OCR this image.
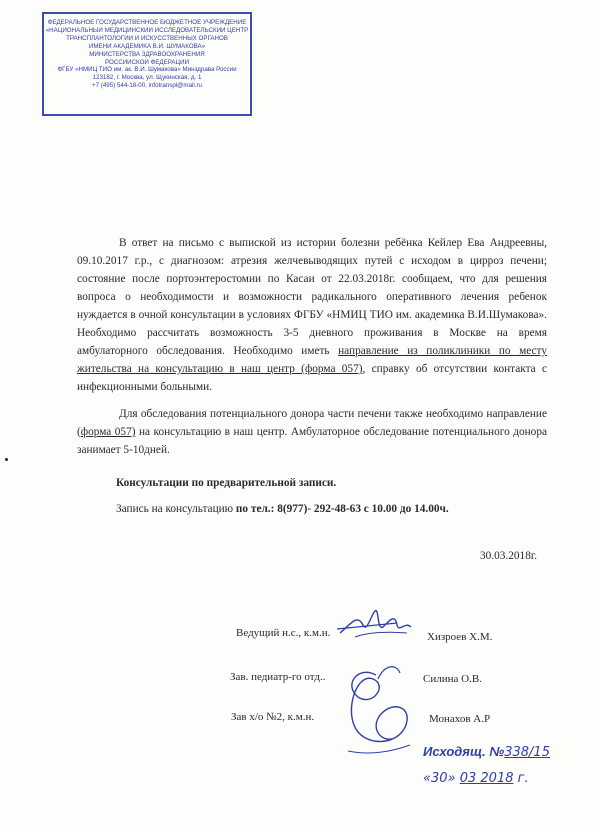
ФЕДЕРАЛЬНОЕ ГОСУДАРСТВЕННОЕ БЮДЖЕТНОЕ УЧРЕЖДЕНИЕ
«НАЦИОНАЛЬНЫЙ МЕДИЦИНСКИЙ ИССЛЕДОВАТЕЛЬСКИЙ ЦЕНТР
ТРАНСПЛАНТОЛОГИИ И ИСКУССТВЕННЫХ ОРГАНОВ
ИМЕНИ АКАДЕМИКА В.И. ШУМАКОВА»
МИНИСТЕРСТВА ЗДРАВООХРАНЕНИЯ
РОССИЙСКОЙ ФЕДЕРАЦИИ
ФГБУ «НМИЦ ТИО им. ак. В.И. Шумакова» Минздрава России
123182, г. Москва, ул. Щукинская, д. 1
+7 (495) 544-18-00, infotranspl@mail.ru

В ответ на письмо с выпиской из истории болезни ребёнка Кейлер Ева Андреевны, 09.10.2017 г.р., с диагнозом: атрезия желчевыводящих путей с исходом в цирроз печени; состояние после портоэнтеростомии по Касаи от 22.03.2018г. сообщаем, что для решения вопроса о необходимости и возможности радикального оперативного лечения ребенок нуждается в очной консультации в условиях ФГБУ «НМИЦ ТИО им. академика В.И.Шумакова». Необходимо рассчитать возможность 3-5 дневного проживания в Москве на время амбулаторного обследования. Необходимо иметь направление из поликлиники по месту жительства на консультацию в наш центр (форма 057), справку об отсутствии контакта с инфекционными больными.

Для обследования потенциального донора части печени также необходимо направление (форма 057) на консультацию в наш центр. Амбулаторное обследование потенциального донора занимает 5-10дней.

Консультации по предварительной записи.
Запись на консультацию по тел.: 8(977)- 292-48-63 с 10.00 до 14.00ч.
30.03.2018г.
Ведущий н.с., к.м.н.	Хизроев Х.М.
Зав. педиатр-го отд..	Силина О.В.
Зав х/о №2, к.м.н.	Монахов А.Р
Исходящ. №338/15
«30» 03 2018 г.
